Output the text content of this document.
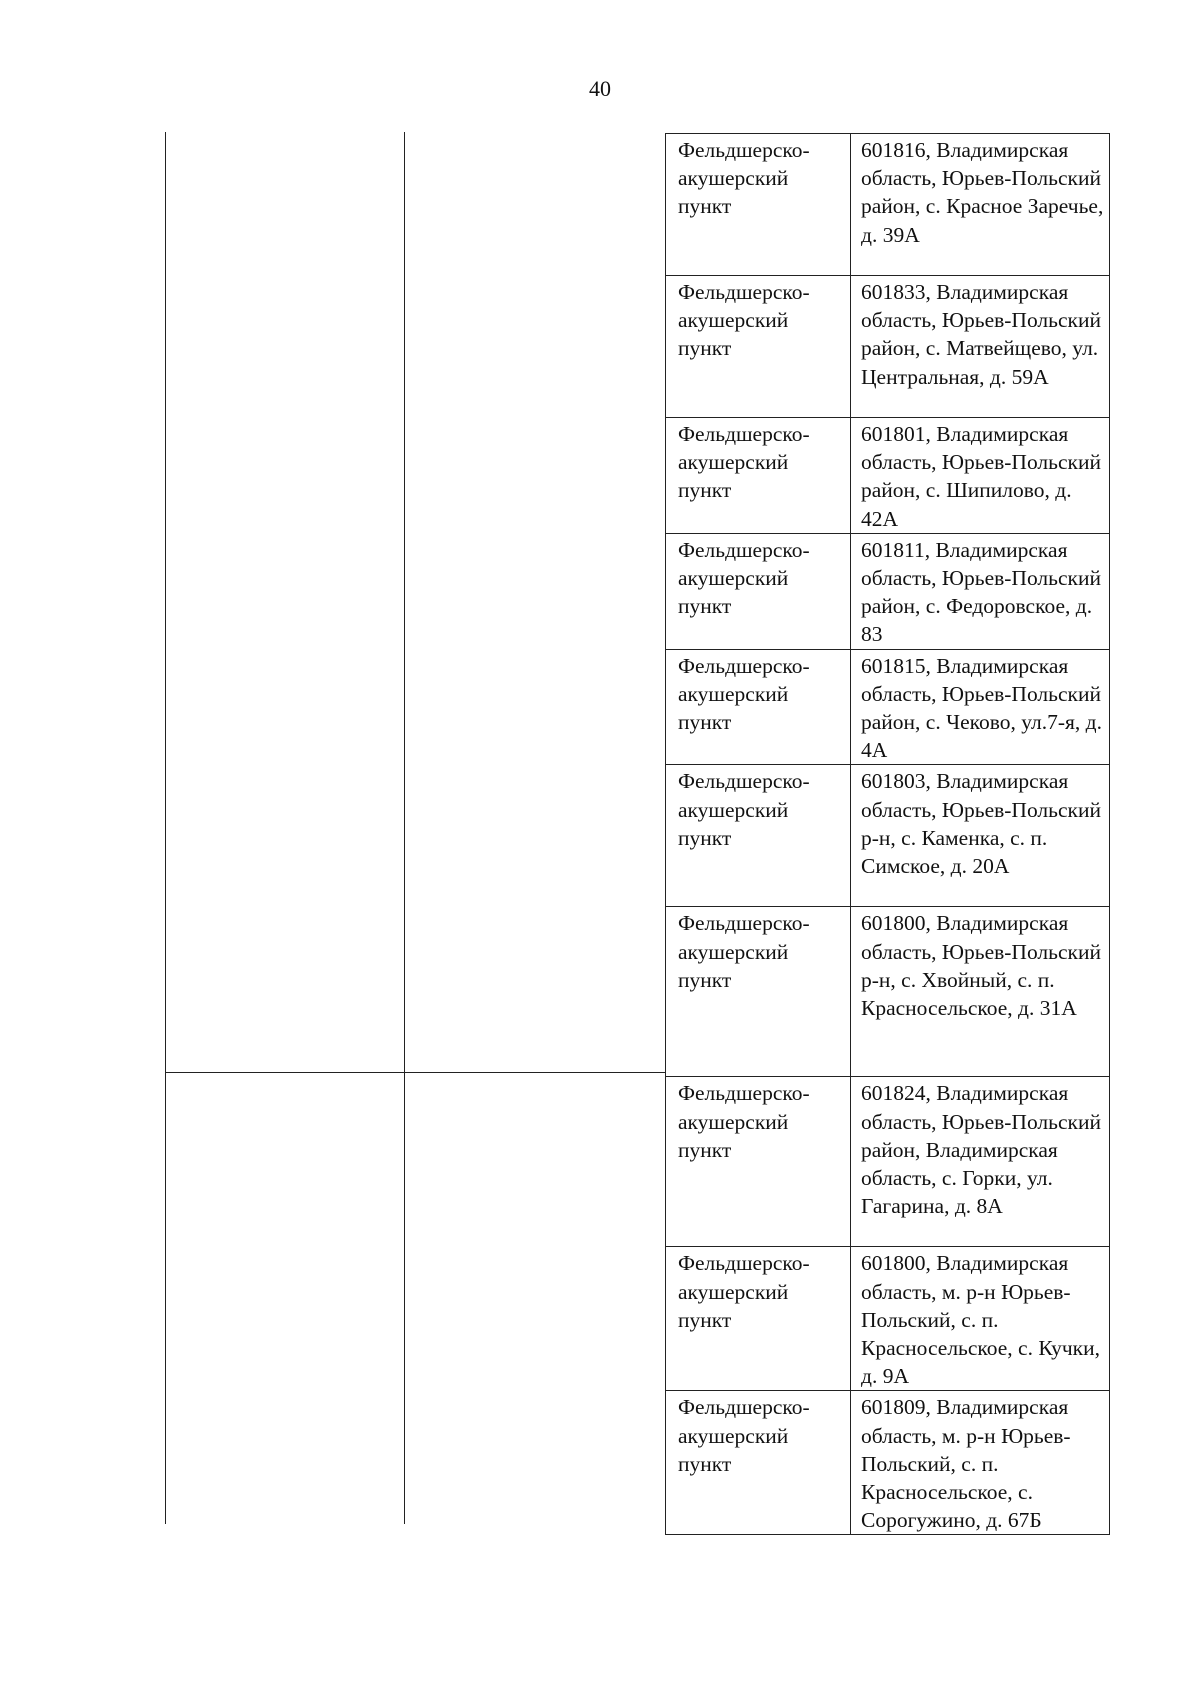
40
Фельдшерско-
акушерский
пункт	601816, Владимирская область, Юрьев-Польский район, с. Красное Заречье, д. 39А

Фельдшерско-
акушерский
пункт	601833, Владимирская область, Юрьев-Польский район, с. Матвейщево, ул. Центральная, д. 59А

Фельдшерско-
акушерский
пункт	601801, Владимирская область, Юрьев-Польский район, с. Шипилово, д. 42А

Фельдшерско-
акушерский
пункт	601811, Владимирская область, Юрьев-Польский район, с. Федоровское, д. 83

Фельдшерско-
акушерский
пункт	601815, Владимирская область, Юрьев-Польский район, с. Чеково, ул.7-я, д. 4А

Фельдшерско-
акушерский
пункт	601803, Владимирская область, Юрьев-Польский р-н, с. Каменка, с. п. Симское, д. 20А

Фельдшерско-
акушерский
пункт	601800, Владимирская область, Юрьев-Польский р-н, с. Хвойный, с. п. Красносельское, д. 31А

Фельдшерско-
акушерский
пункт	601824, Владимирская область, Юрьев-Польский район, Владимирская область, с. Горки, ул. Гагарина, д. 8А

Фельдшерско-
акушерский
пункт	601800, Владимирская область, м. р-н Юрьев-Польский, с. п. Красносельское, с. Кучки, д. 9А

Фельдшерско-
акушерский
пункт	601809, Владимирская область, м. р-н Юрьев-Польский, с. п. Красносельское, с. Сорогужино, д. 67Б
